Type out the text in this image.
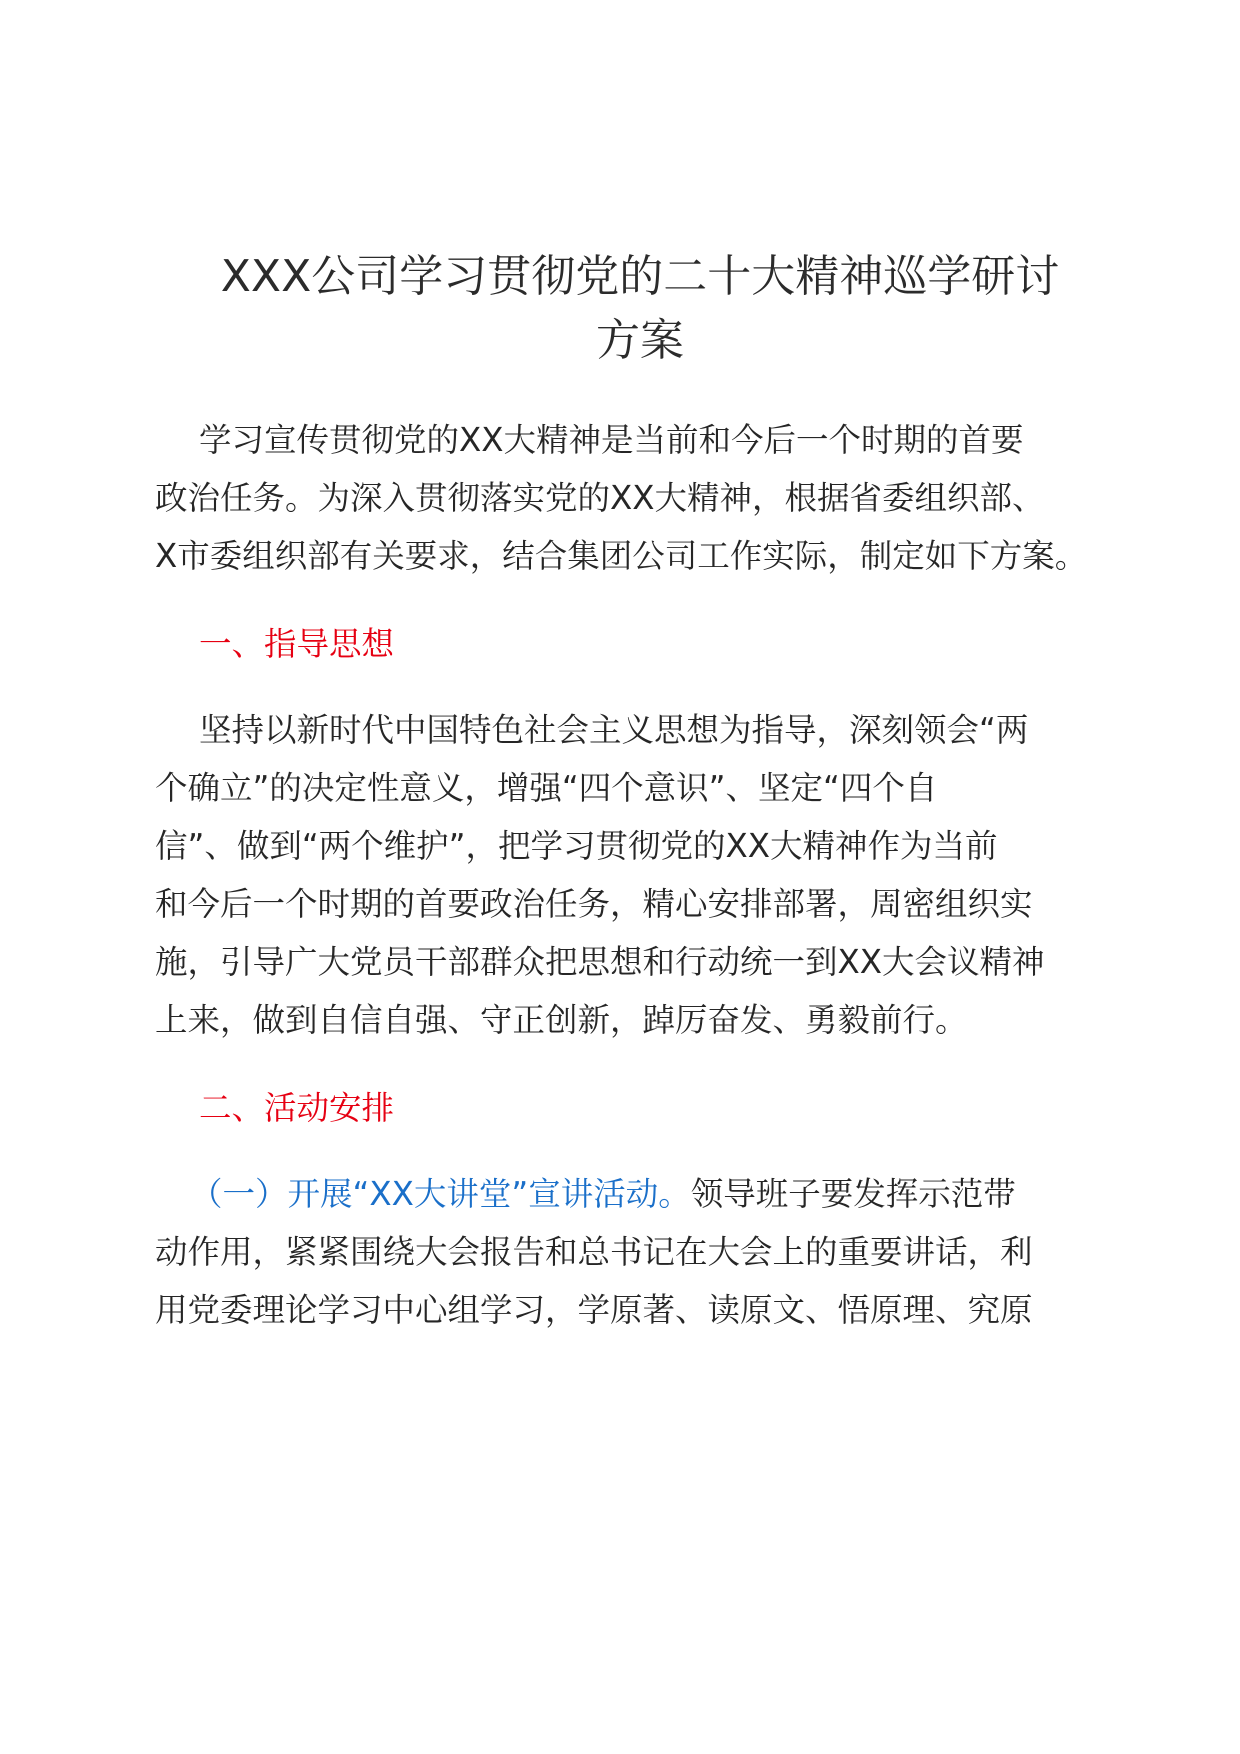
XXX公司学习贯彻党的二十大精神巡学研讨
方案

学习宣传贯彻党的XX大精神是当前和今后一个时期的首要

政治任务。为深入贯彻落实党的XX大精神，根据省委组织部、

X市委组织部有关要求，结合集团公司工作实际，制定如下方案。

一、指导思想

坚持以新时代中国特色社会主义思想为指导，深刻领会“两

个确立”的决定性意义，增强“四个意识”、坚定“四个自

信”、做到“两个维护”，把学习贯彻党的XX大精神作为当前

和今后一个时期的首要政治任务，精心安排部署，周密组织实

施，引导广大党员干部群众把思想和行动统一到XX大会议精神

上来，做到自信自强、守正创新，踔厉奋发、勇毅前行。

二、活动安排

（一）开展“XX大讲堂”宣讲活动。领导班子要发挥示范带

动作用，紧紧围绕大会报告和总书记在大会上的重要讲话，利

用党委理论学习中心组学习，学原著、读原文、悟原理、究原
